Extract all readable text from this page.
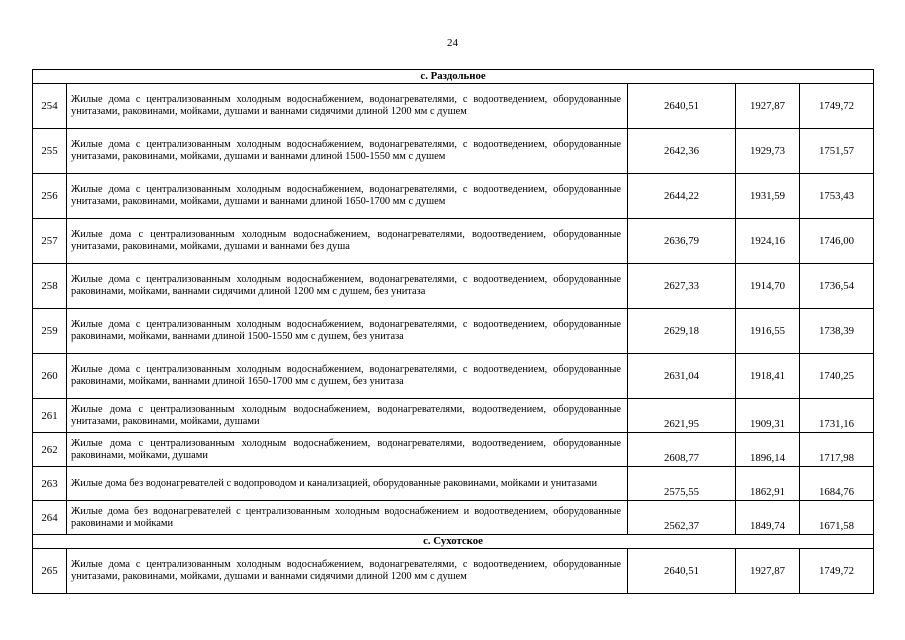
24
с. Раздольное				
254	Жилые дома с централизованным холодным водоснабжением, водонагревателями, с водоотведением, оборудованные унитазами, раковинами, мойками, душами и ваннами сидячими длиной 1200 мм с душем	2640,51	1927,87	1749,72
255	Жилые дома с централизованным холодным водоснабжением, водонагревателями, с водоотведением, оборудованные унитазами, раковинами, мойками, душами и ваннами длиной 1500-1550 мм с душем	2642,36	1929,73	1751,57
256	Жилые дома с централизованным холодным водоснабжением, водонагревателями, с водоотведением, оборудованные унитазами, раковинами, мойками, душами и ваннами длиной 1650-1700 мм с душем	2644,22	1931,59	1753,43
257	Жилые дома с централизованным холодным водоснабжением, водонагревателями, водоотведением, оборудованные унитазами, раковинами, мойками, душами и ваннами без душа	2636,79	1924,16	1746,00
258	Жилые дома с централизованным холодным водоснабжением, водонагревателями, с водоотведением, оборудованные раковинами, мойками, ваннами сидячими длиной 1200 мм с душем, без унитаза	2627,33	1914,70	1736,54
259	Жилые дома с централизованным холодным водоснабжением, водонагревателями, с водоотведением, оборудованные раковинами, мойками, ваннами длиной 1500-1550 мм с душем, без унитаза	2629,18	1916,55	1738,39
260	Жилые дома с централизованным холодным водоснабжением, водонагревателями, с водоотведением, оборудованные раковинами, мойками, ваннами длиной 1650-1700 мм с душем, без унитаза	2631,04	1918,41	1740,25
261	Жилые дома с централизованным холодным водоснабжением, водонагревателями, водоотведением, оборудованные унитазами, раковинами, мойками, душами	2621,95	1909,31	1731,16
262	Жилые дома с централизованным холодным водоснабжением, водонагревателями, водоотведением, оборудованные раковинами, мойками, душами	2608,77	1896,14	1717,98
263	Жилые дома без водонагревателей с водопроводом и канализацией, оборудованные раковинами, мойками и унитазами	2575,55	1862,91	1684,76
264	Жилые дома без водонагревателей с централизованным холодным водоснабжением и водоотведением, оборудованные раковинами и мойками	2562,37	1849,74	1671,58
с. Сухотское				
265	Жилые дома с централизованным холодным водоснабжением, водонагревателями, с водоотведением, оборудованные унитазами, раковинами, мойками, душами и ваннами сидячими длиной 1200 мм с душем	2640,51	1927,87	1749,72
